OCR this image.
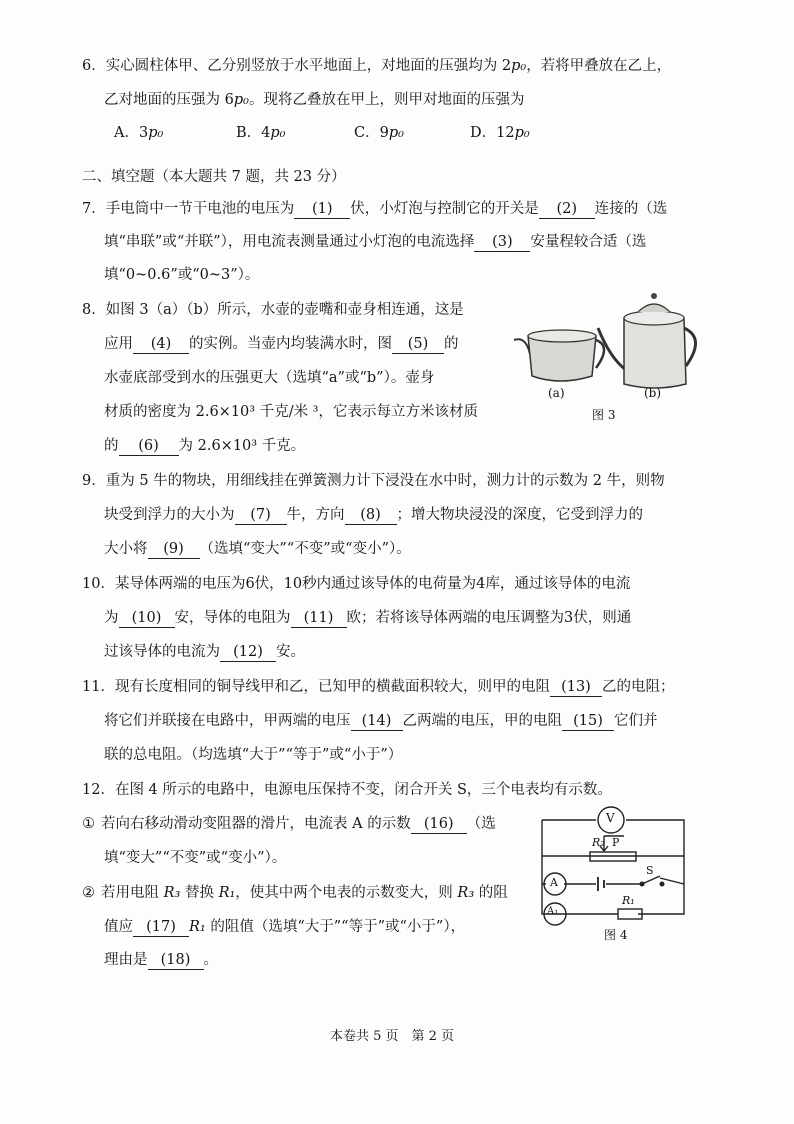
6．实心圆柱体甲、乙分别竖放于水平地面上，对地面的压强均为 2p₀，若将甲叠放在乙上，
乙对地面的压强为 6p₀。现将乙叠放在甲上，则甲对地面的压强为
A．3p₀	B．4p₀	C．9p₀	D．12p₀
二、填空题（本大题共 7 题，共 23 分）
7．手电筒中一节干电池的电压为 (1) 伏，小灯泡与控制它的开关是 (2) 连接的（选
填“串联”或“并联”），用电流表测量通过小灯泡的电流选择 (3) 安量程较合适（选
填“0~0.6”或“0~3”）。
8．如图 3（a）（b）所示，水壶的壶嘴和壶身相连通，这是
应用 (4) 的实例。当壶内均装满水时，图 (5) 的
水壶底部受到水的压强更大（选填“a”或“b”）。壶身
材质的密度为 2.6×10³ 千克/米 ³，它表示每立方米该材质
的 (6) 为 2.6×10³ 千克。
(a)	(b)
图 3
9．重为 5 牛的物块，用细线挂在弹簧测力计下浸没在水中时，测力计的示数为 2 牛，则物
块受到浮力的大小为 (7) 牛，方向 (8) ；增大物块浸没的深度，它受到浮力的
大小将 (9) （选填“变大”“不变”或“变小”）。
10．某导体两端的电压为6伏，10秒内通过该导体的电荷量为4库，通过该导体的电流
为 (10) 安，导体的电阻为 (11) 欧；若将该导体两端的电压调整为3伏，则通
过该导体的电流为 (12) 安。
11．现有长度相同的铜导线甲和乙，已知甲的横截面积较大，则甲的电阻 (13) 乙的电阻；
将它们并联接在电路中，甲两端的电压 (14) 乙两端的电压，甲的电阻 (15) 它们并
联的总电阻。（均选填“大于”“等于”或“小于”）
12．在图 4 所示的电路中，电源电压保持不变，闭合开关 S，三个电表均有示数。
① 若向右移动滑动变阻器的滑片，电流表 A 的示数 (16) （选
填“变大”“不变”或“变小”）。
② 若用电阻 R₃ 替换 R₁，使其中两个电表的示数变大，则 R₃ 的阻
值应 (17) R₁ 的阻值（选填“大于”“等于”或“小于”），
理由是 (18) 。
V
R₂ P
S
A
A₁
R₁
图 4
本卷共 5 页　第 2 页
